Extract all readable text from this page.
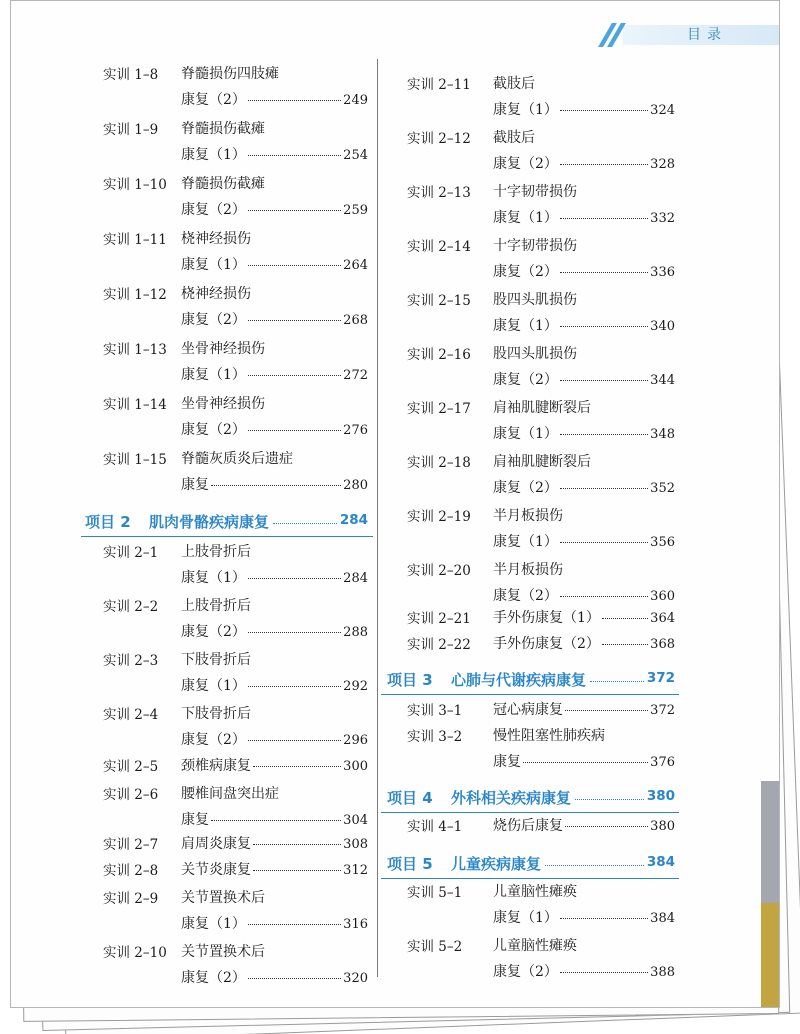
目录
实训 1–8 脊髓损伤四肢瘫
康复（2）	249
实训 1–9 脊髓损伤截瘫
康复（1）	254
实训 1–10 脊髓损伤截瘫
康复（2）	259
实训 1–11 桡神经损伤
康复（1）	264
实训 1–12 桡神经损伤
康复（2）	268
实训 1–13 坐骨神经损伤
康复（1）	272
实训 1–14 坐骨神经损伤
康复（2）	276
实训 1–15 脊髓灰质炎后遗症
康复	280
项目 2 肌肉骨骼疾病康复	284
实训 2–1 上肢骨折后
康复（1）	284
实训 2–2 上肢骨折后
康复（2）	288
实训 2–3 下肢骨折后
康复（1）	292
实训 2–4 下肢骨折后
康复（2）	296
实训 2–5 颈椎病康复	300
实训 2–6 腰椎间盘突出症
康复	304
实训 2–7 肩周炎康复	308
实训 2–8 关节炎康复	312
实训 2–9 关节置换术后
康复（1）	316
实训 2–10 关节置换术后
康复（2）	320
实训 2–11 截肢后
康复（1）	324
实训 2–12 截肢后
康复（2）	328
实训 2–13 十字韧带损伤
康复（1）	332
实训 2–14 十字韧带损伤
康复（2）	336
实训 2–15 股四头肌损伤
康复（1）	340
实训 2–16 股四头肌损伤
康复（2）	344
实训 2–17 肩袖肌腱断裂后
康复（1）	348
实训 2–18 肩袖肌腱断裂后
康复（2）	352
实训 2–19 半月板损伤
康复（1）	356
实训 2–20 半月板损伤
康复（2）	360
实训 2–21 手外伤康复（1）	364
实训 2–22 手外伤康复（2）	368
项目 3 心肺与代谢疾病康复	372
实训 3–1 冠心病康复	372
实训 3–2 慢性阻塞性肺疾病
康复	376
项目 4 外科相关疾病康复	380
实训 4–1 烧伤后康复	380
项目 5 儿童疾病康复	384
实训 5–1 儿童脑性瘫痪
康复（1）	384
实训 5–2 儿童脑性瘫痪
康复（2）	388
